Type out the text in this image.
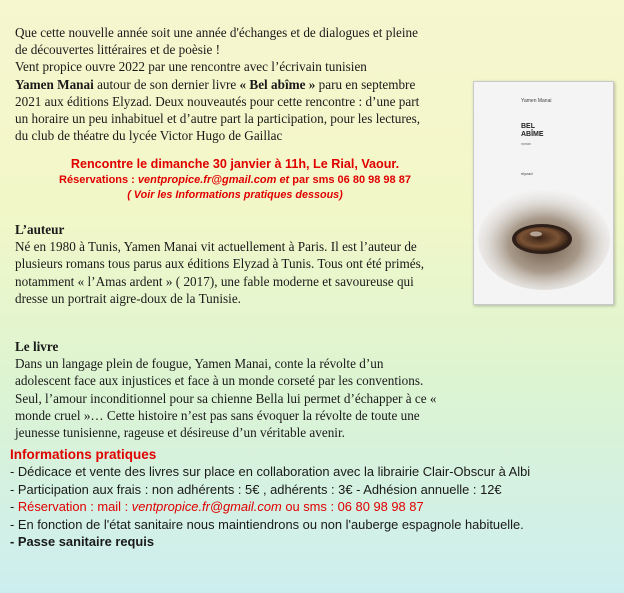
Que cette nouvelle année soit une année d'échanges et de dialogues et pleine

de découvertes littéraires et de poèsie !

Vent propice ouvre 2022 par une rencontre avec l’écrivain tunisien

Yamen Manai autour de son dernier livre « Bel abîme » paru en septembre

2021 aux éditions Elyzad. Deux nouveautés pour cette rencontre : d’une part

un horaire un peu inhabituel et d’autre part la participation, pour les lectures,

du club de théatre du lycée Victor Hugo de Gaillac

Rencontre le dimanche 30 janvier à 11h, Le Rial, Vaour.
Réservations : ventpropice.fr@gmail.com et par sms 06 80 98 98 87
( Voir les Informations pratiques dessous)
Yamen Manai
BEL
ABÎME
roman
elyzad

L’auteur

Né en 1980 à Tunis, Yamen Manai vit actuellement à Paris. Il est l’auteur de

plusieurs romans tous parus aux éditions Elyzad à Tunis. Tous ont été primés,

notamment « l’Amas ardent » ( 2017), une fable moderne et savoureuse qui

dresse un portrait aigre-doux de la Tunisie.

Le livre

Dans un langage plein de fougue, Yamen Manai, conte la révolte d’un

adolescent face aux injustices et face à un monde corseté par les conventions.

Seul, l’amour inconditionnel pour sa chienne Bella lui permet d’échapper à ce «

monde cruel »… Cette histoire n’est pas sans évoquer la révolte de toute une

jeunesse tunisienne, rageuse et désireuse d’un véritable avenir.

Informations pratiques
- Dédicace et vente des livres sur place en collaboration avec la librairie Clair-Obscur à Albi
- Participation aux frais : non adhérents : 5€ , adhérents : 3€ - Adhésion annuelle : 12€
- Réservation : mail : ventpropice.fr@gmail.com ou sms : 06 80 98 98 87
- En fonction de l'état sanitaire nous maintiendrons ou non l'auberge espagnole habituelle.
- Passe sanitaire requis
